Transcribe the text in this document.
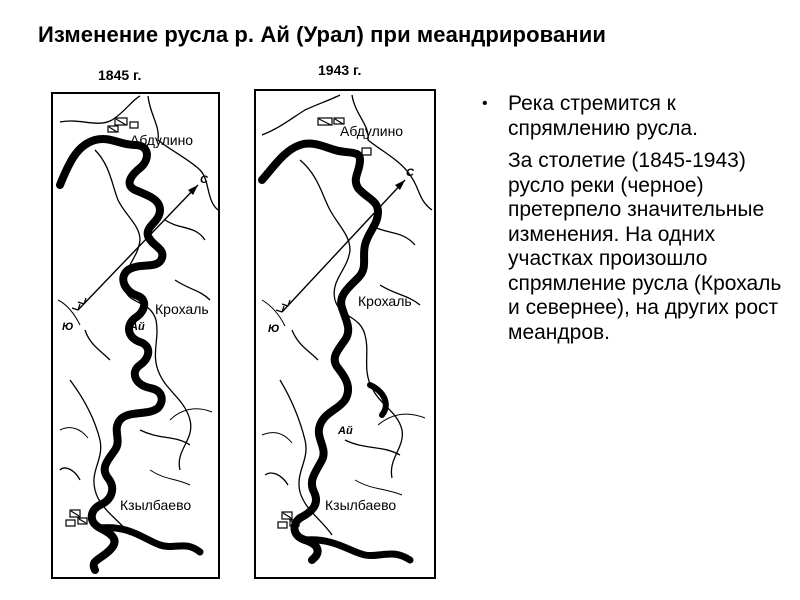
Изменение русла р. Ай (Урал) при меандрировании
1845 г.
Абдулино
Крохаль
Кзылбаево
С
Ю	Ай
1943 г.
Абдулино
Крохаль
Кзылбаево
С
Ю
Ай
• Река стремится к спрямлению русла.
За столетие (1845-1943) русло реки (черное) претерпело значительные изменения. На одних участках произошло спрямление русла (Крохаль и севернее), на других рост меандров.
